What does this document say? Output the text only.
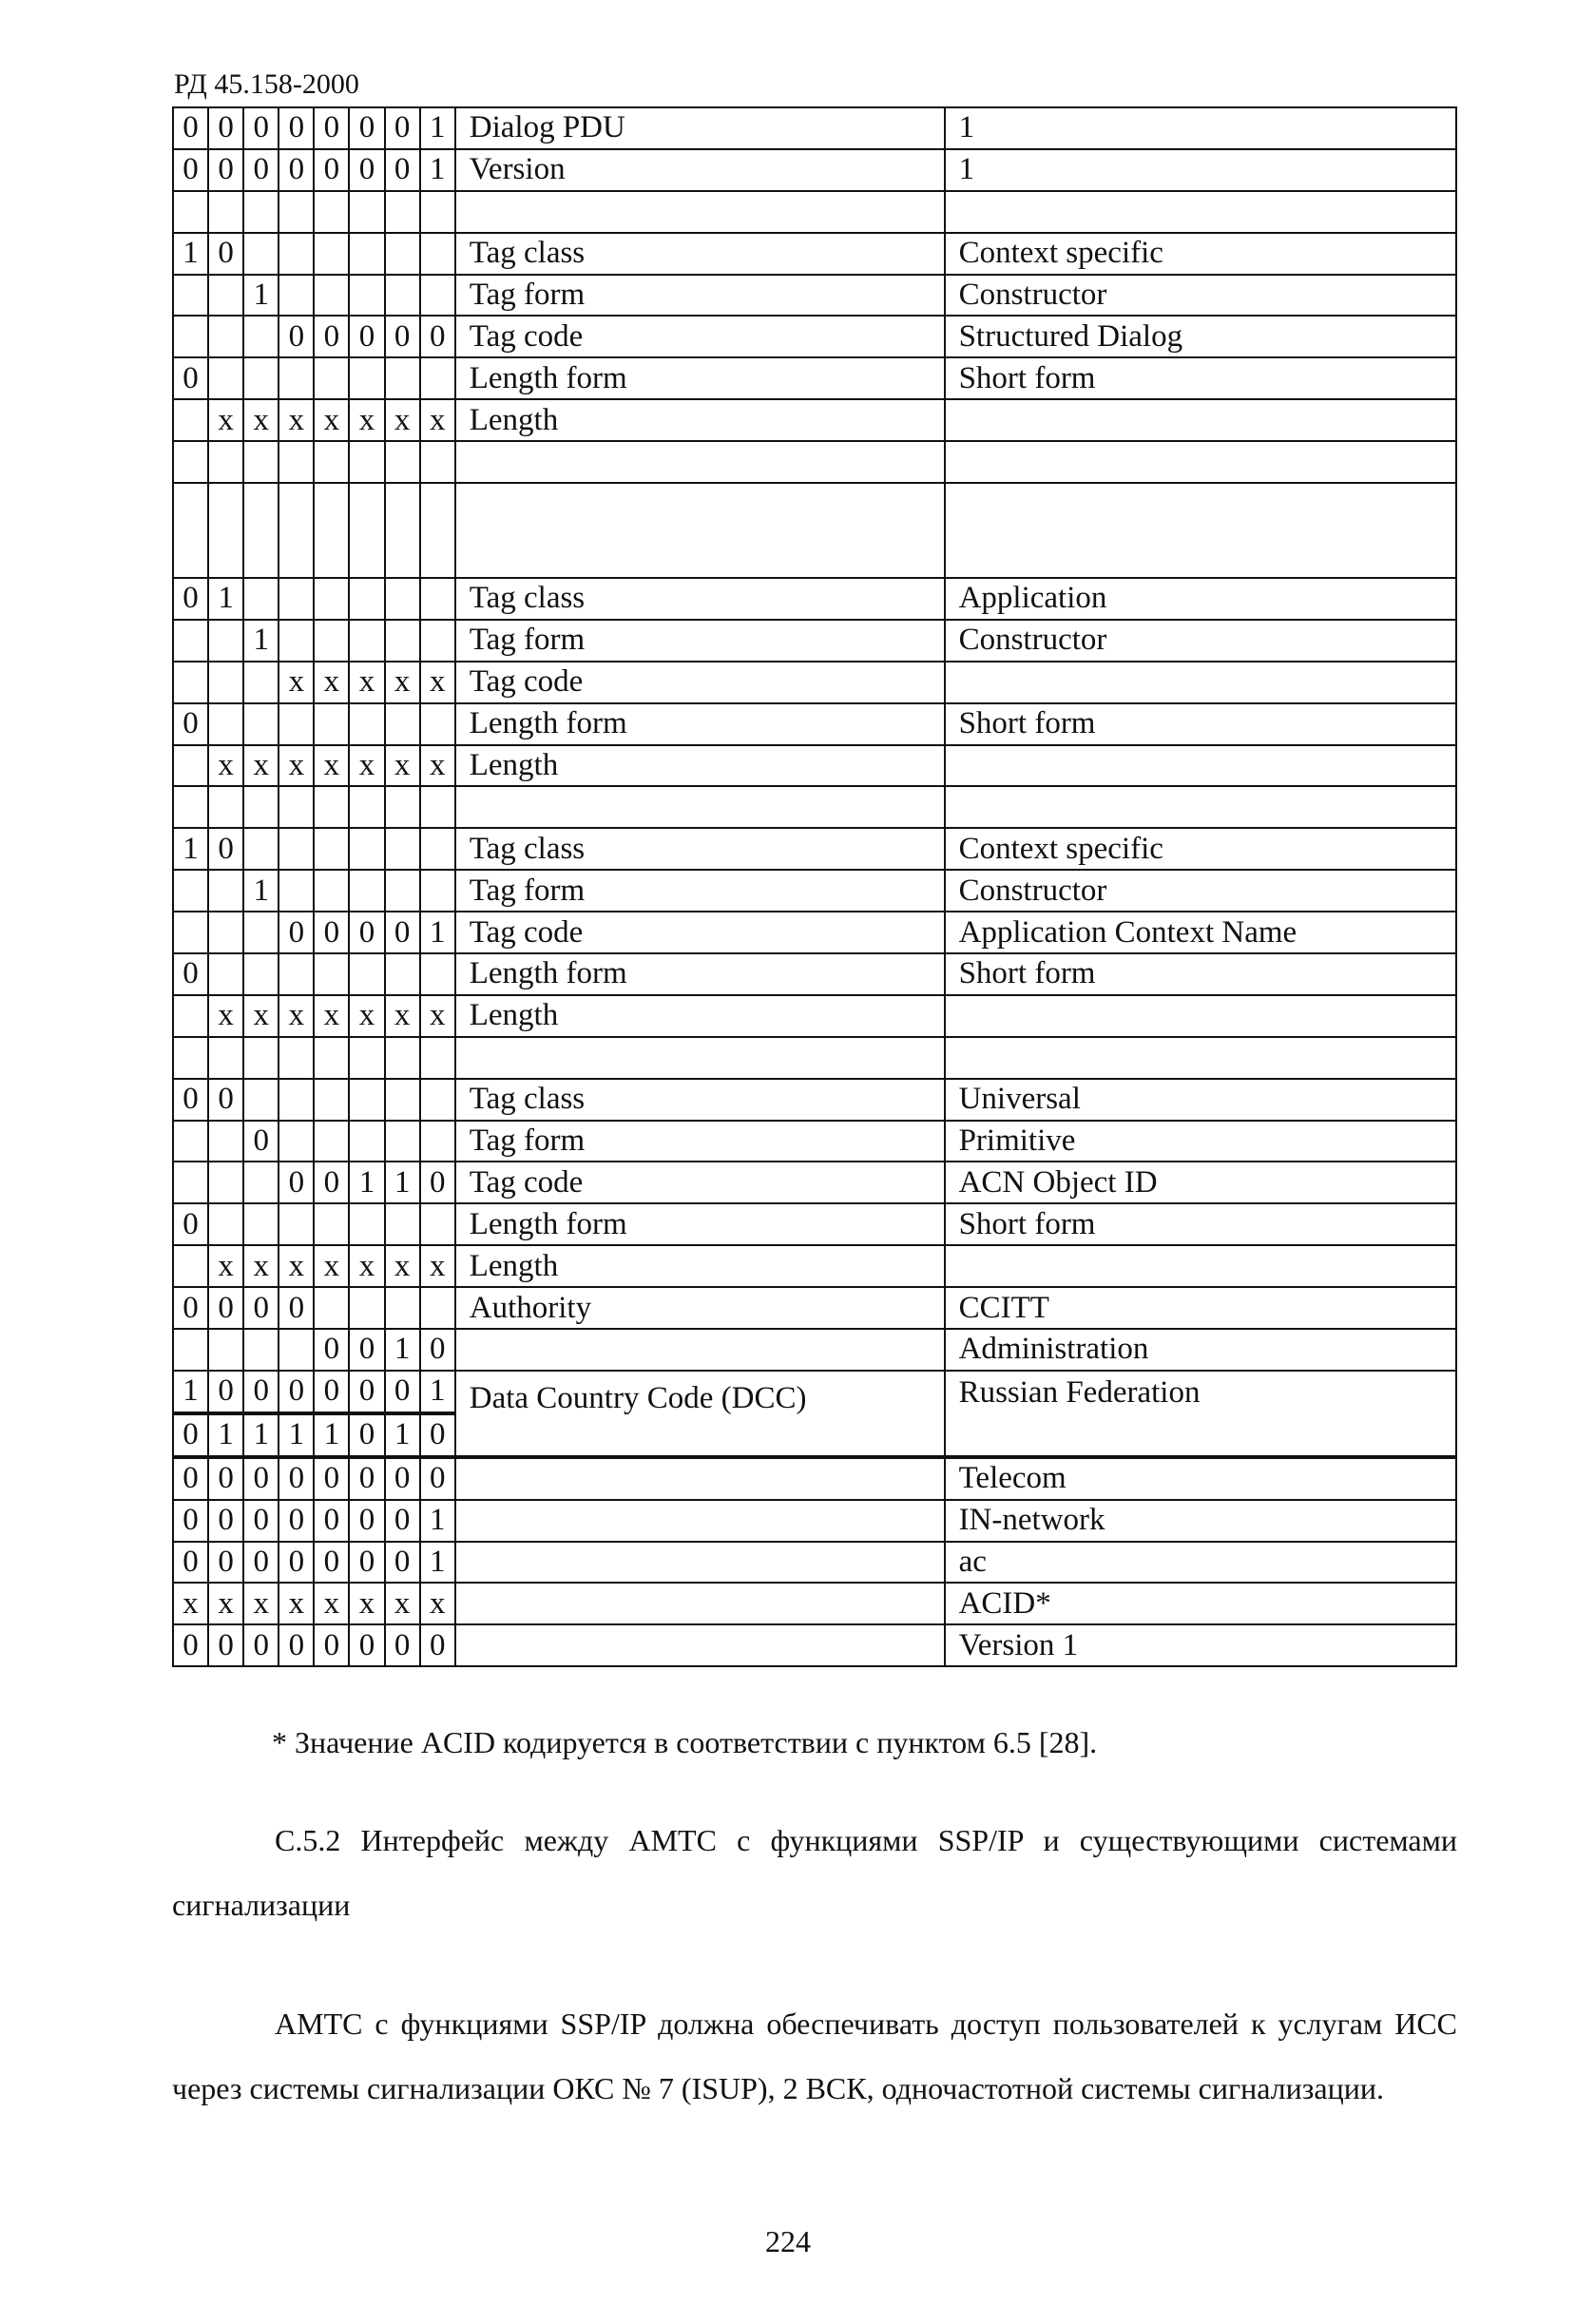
РД 45.158-2000
0	0	0	0	0	0	0	1	Dialog PDU	1
0	0	0	0	0	0	0	1	Version	1

1	0							Tag class	Context specific
		1						Tag form	Constructor
			0	0	0	0	0	Tag code	Structured Dialog
0								Length form	Short form
	x	x	x	x	x	x	x	Length	

0	1							Tag class	Application
		1						Tag form	Constructor
			x	x	x	x	x	Tag code	
0								Length form	Short form
	x	x	x	x	x	x	x	Length	

1	0							Tag class	Context specific
		1						Tag form	Constructor
			0	0	0	0	1	Tag code	Application Context Name
0								Length form	Short form
	x	x	x	x	x	x	x	Length	

0	0							Tag class	Universal
		0						Tag form	Primitive
			0	0	1	1	0	Tag code	ACN Object ID
0								Length form	Short form
	x	x	x	x	x	x	x	Length	
0	0	0	0					Authority	CCITT
				0	0	1	0		Administration
1	0	0	0	0	0	0	1	Data Country Code (DCC)	Russian Federation
0	1	1	1	1	0	1	0		
0	0	0	0	0	0	0	0		Telecom
0	0	0	0	0	0	0	1		IN-network
0	0	0	0	0	0	0	1		ac
x	x	x	x	x	x	x	x		ACID*
0	0	0	0	0	0	0	0		Version 1
* Значение ACID кодируется в соответствии с пунктом 6.5 [28].

С.5.2 Интерфейс между АМТС с функциями SSP/IP и существующими системами сигнализации

АМТС с функциями SSP/IP должна обеспечивать доступ пользователей к услугам ИСС через системы сигнализации ОКС № 7 (ISUP), 2 ВСК, одночастотной системы сигнализации.

224
